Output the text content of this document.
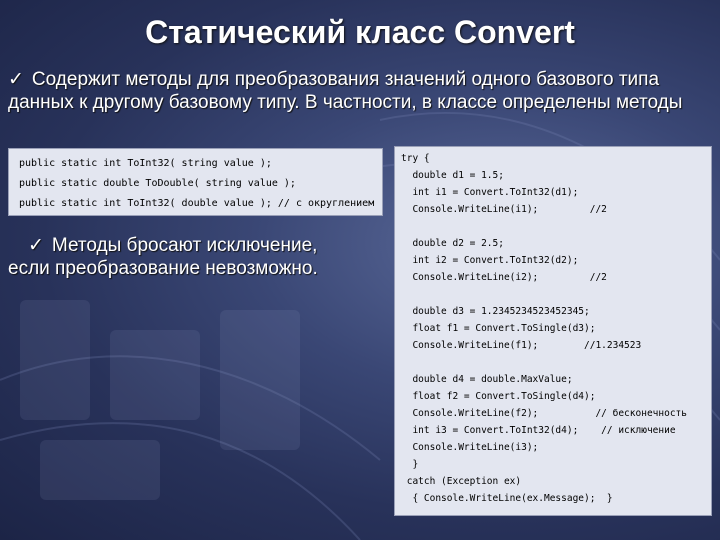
Статический класс Convert
✓ Содержит методы для преобразования значений одного базового типа данных к другому базовому типу. В частности, в классе определены методы
public static int ToInt32( string value );
public static double ToDouble( string value );
public static int ToInt32( double value ); // с округлением
✓ Методы бросают исключение,
если преобразование невозможно.
try {
double d1 = 1.5;
int i1 = Convert.ToInt32(d1);
Console.WriteLine(i1);         //2
double d2 = 2.5;
int i2 = Convert.ToInt32(d2);
Console.WriteLine(i2);         //2
double d3 = 1.2345234523452345;
float f1 = Convert.ToSingle(d3);
Console.WriteLine(f1);        //1.234523
double d4 = double.MaxValue;
float f2 = Convert.ToSingle(d4);
Console.WriteLine(f2);          // бесконечность
int i3 = Convert.ToInt32(d4);    // исключение
Console.WriteLine(i3);
}
catch (Exception ex)
{ Console.WriteLine(ex.Message);  }
